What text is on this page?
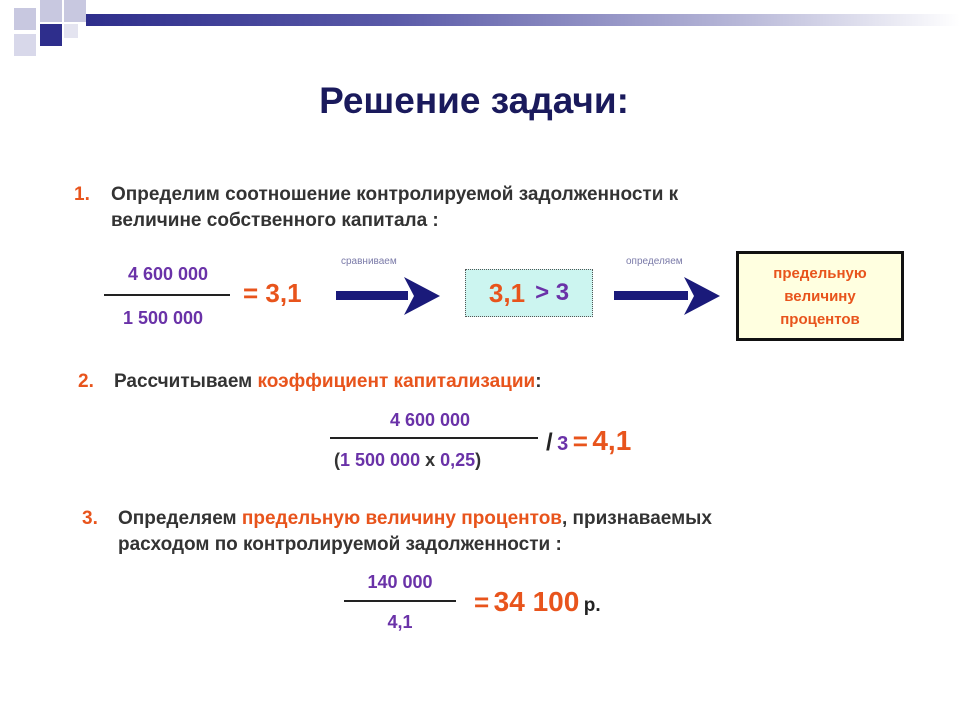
Решение задачи:
1. Определим соотношение контролируемой задолженности к
величине собственного капитала :
4 600 000
1 500 000
= 3,1
сравниваем
3,1 > 3
определяем
предельную
величину
процентов
2. Рассчитываем коэффициент капитализации:
4 600 000
(1 500 000 х 0,25)
/ 3 = 4,1
3. Определяем предельную величину процентов, признаваемых
расходом по контролируемой задолженности :
140 000
4,1
= 34 100 р.
